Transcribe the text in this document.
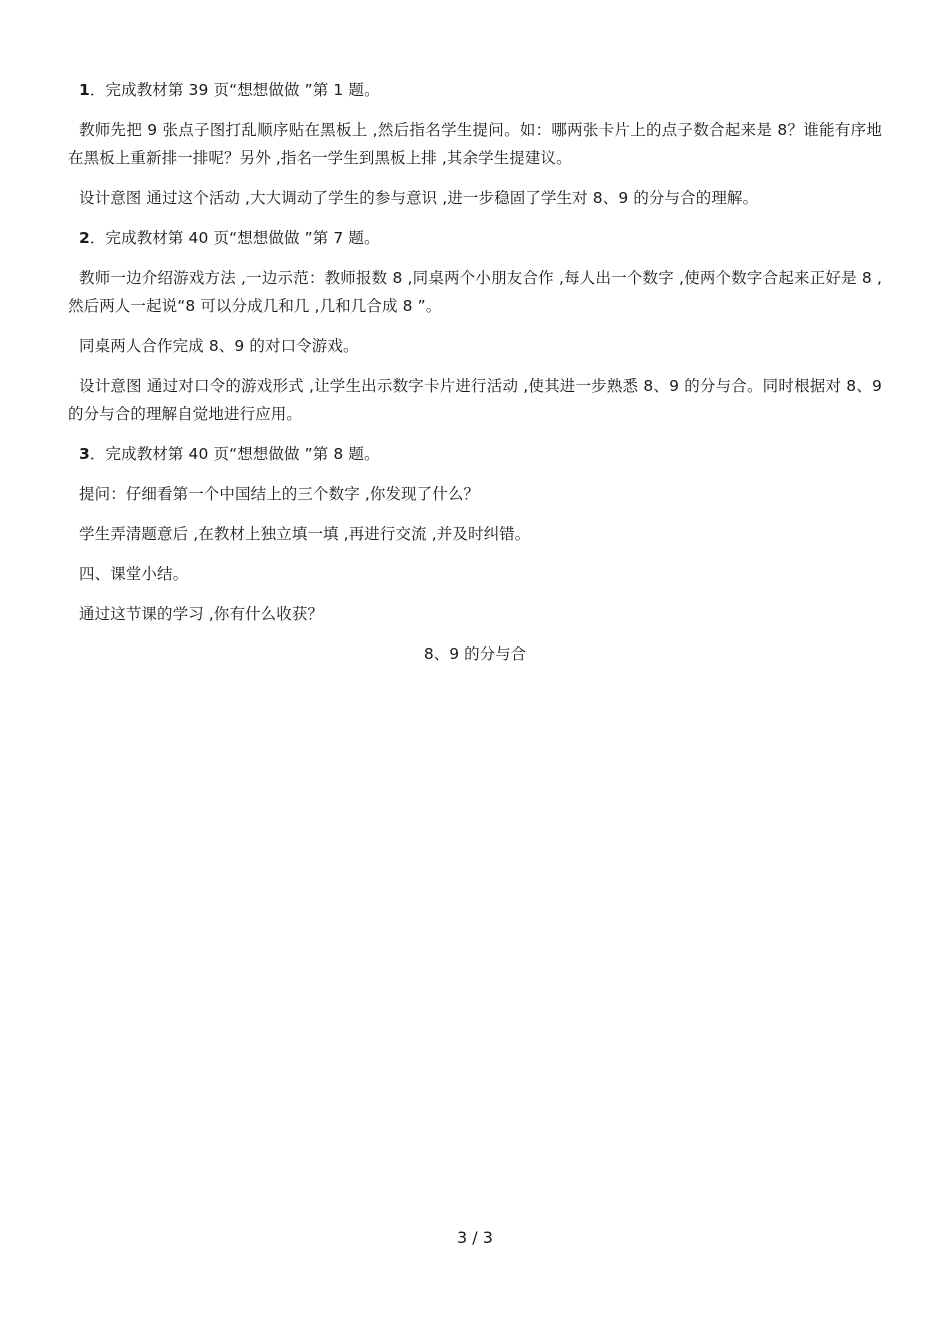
1．完成教材第 39 页“想想做做 ”第 1 题。

教师先把 9 张点子图打乱顺序贴在黑板上 ,然后指名学生提问。如：哪两张卡片上的点子数合起来是 8？谁能有序地在黑板上重新排一排呢？另外 ,指名一学生到黑板上排 ,其余学生提建议。

设计意图 通过这个活动 ,大大调动了学生的参与意识 ,进一步稳固了学生对 8、9 的分与合的理解。

2．完成教材第 40 页“想想做做 ”第 7 题。

教师一边介绍游戏方法 ,一边示范：教师报数 8 ,同桌两个小朋友合作 ,每人出一个数字 ,使两个数字合起来正好是 8 ,然后两人一起说“8 可以分成几和几 ,几和几合成 8 ”。

同桌两人合作完成 8、9 的对口令游戏。

设计意图 通过对口令的游戏形式 ,让学生出示数字卡片进行活动 ,使其进一步熟悉 8、9 的分与合。同时根据对 8、9 的分与合的理解自觉地进行应用。

3．完成教材第 40 页“想想做做 ”第 8 题。

提问：仔细看第一个中国结上的三个数字 ,你发现了什么？

学生弄清题意后 ,在教材上独立填一填 ,再进行交流 ,并及时纠错。

四、课堂小结。

通过这节课的学习 ,你有什么收获？

8、9 的分与合

3 / 3
